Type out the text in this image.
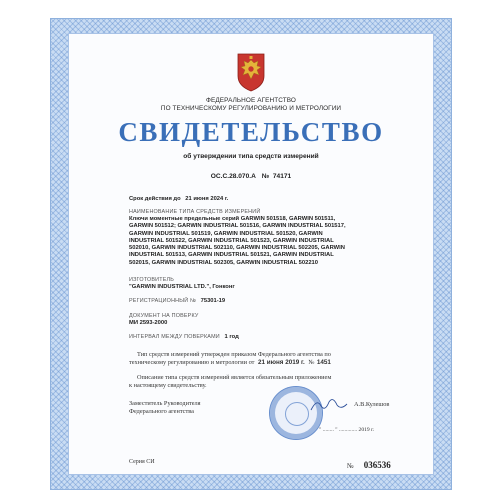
ФЕДЕРАЛЬНОЕ АГЕНТСТВО
ПО ТЕХНИЧЕСКОМУ РЕГУЛИРОВАНИЮ И МЕТРОЛОГИИ
СВИДЕТЕЛЬСТВО
об утверждении типа средств измерений
ОС.С.28.070.А № 74171
Срок действия до 21 июня 2024 г.
НАИМЕНОВАНИЕ ТИПА СРЕДСТВ ИЗМЕРЕНИЙ
Ключи моментные предельные серий GARWIN 501518, GARWIN 501511,
GARWIN 501512; GARWIN INDUSTRIAL 501516, GARWIN INDUSTRIAL 501517,
GARWIN INDUSTRIAL 501519, GARWIN INDUSTRIAL 501520, GARWIN
INDUSTRIAL 501522, GARWIN INDUSTRIAL 501523, GARWIN INDUSTRIAL
502010, GARWIN INDUSTRIAL 502110, GARWIN INDUSTRIAL 502205, GARWIN
INDUSTRIAL 501513, GARWIN INDUSTRIAL 501521, GARWIN INDUSTRIAL
502015, GARWIN INDUSTRIAL 502305, GARWIN INDUSTRIAL 502210
ИЗГОТОВИТЕЛЬ
"GARWIN INDUSTRIAL LTD.", Гонконг
РЕГИСТРАЦИОННЫЙ № 75301-19
ДОКУМЕНТ НА ПОВЕРКУ
МИ 2593-2000
ИНТЕРВАЛ МЕЖДУ ПОВЕРКАМИ 1 год
Тип средств измерений утвержден приказом Федерального агентства по
техническому регулированию и метрологии от 21 июня 2019 г. № 1451
Описание типа средств измерений является обязательным приложением
к настоящему свидетельству.
Заместитель Руководителя
Федерального агентства
А.В.Кулешов
" ........ " ............. 2019 г.
Серия СИ	№ 036536
